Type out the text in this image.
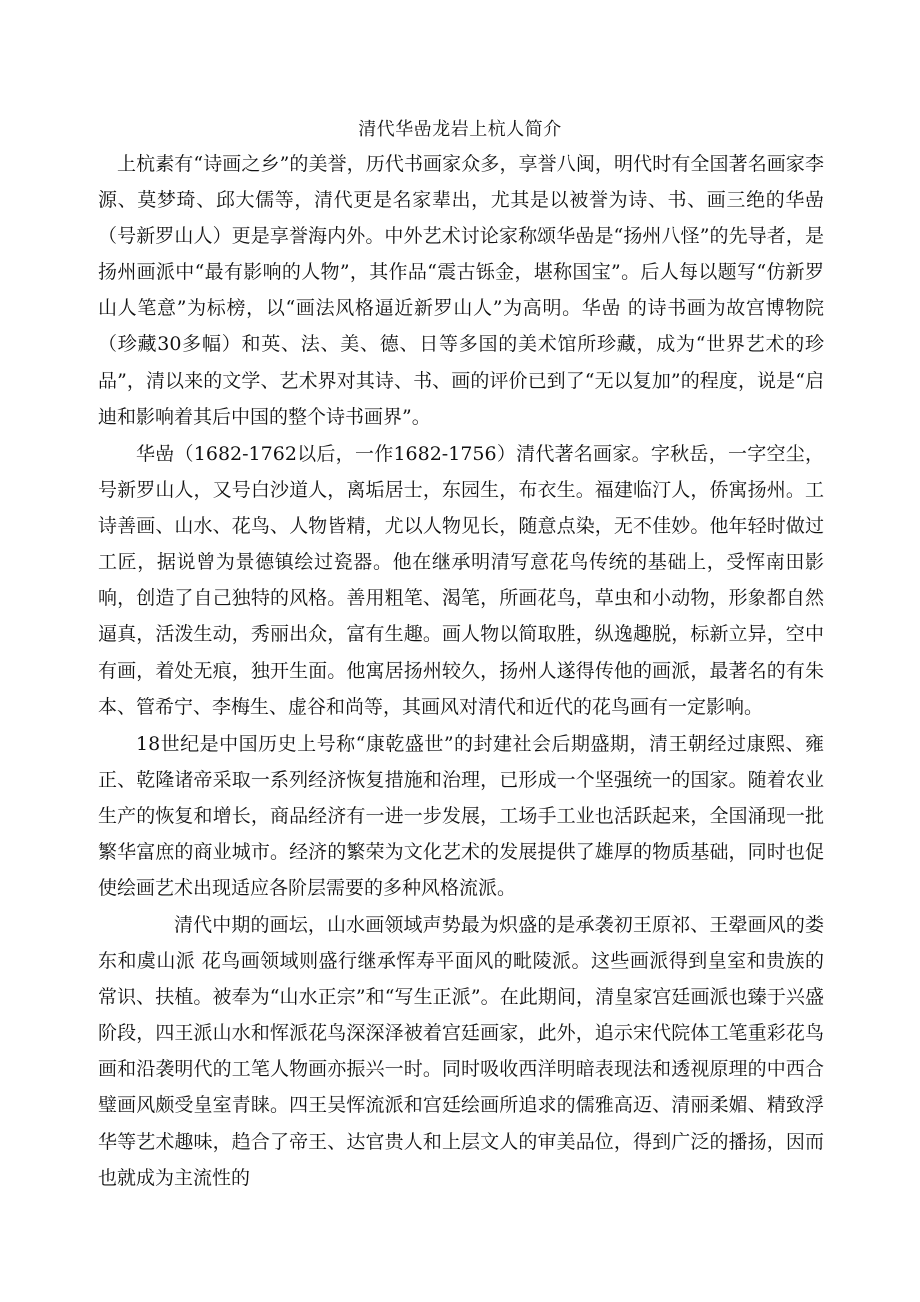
清代华嵒龙岩上杭人简介

上杭素有“诗画之乡”的美誉，历代书画家众多，享誉八闽，明代时有全国著名画家李源、莫梦琦、邱大儒等，清代更是名家辈出，尤其是以被誉为诗、书、画三绝的华嵒（号新罗山人）更是享誉海内外。中外艺术讨论家称颂华嵒是“扬州八怪”的先导者，是扬州画派中“最有影响的人物”，其作品“震古铄金，堪称国宝”。后人每以题写“仿新罗山人笔意”为标榜，以“画法风格逼近新罗山人”为高明。华嵒 的诗书画为故宫博物院（珍藏30多幅）和英、法、美、德、日等多国的美术馆所珍藏，成为“世界艺术的珍品”，清以来的文学、艺术界对其诗、书、画的评价已到了“无以复加”的程度，说是“启迪和影响着其后中国的整个诗书画界”。

华嵒（1682-1762以后，一作1682-1756）清代著名画家。字秋岳，一字空尘，号新罗山人，又号白沙道人，离垢居士，东园生，布衣生。福建临汀人，侨寓扬州。工诗善画、山水、花鸟、人物皆精，尤以人物见长，随意点染，无不佳妙。他年轻时做过工匠，据说曾为景德镇绘过瓷器。他在继承明清写意花鸟传统的基础上，受恽南田影响，创造了自己独特的风格。善用粗笔、渴笔，所画花鸟，草虫和小动物，形象都自然逼真，活泼生动，秀丽出众，富有生趣。画人物以简取胜，纵逸趣脱，标新立异，空中有画，着处无痕，独开生面。他寓居扬州较久，扬州人遂得传他的画派，最著名的有朱本、管希宁、李梅生、虚谷和尚等，其画风对清代和近代的花鸟画有一定影响。

18世纪是中国历史上号称“康乾盛世”的封建社会后期盛期，清王朝经过康熙、雍正、乾隆诸帝采取一系列经济恢复措施和治理，已形成一个坚强统一的国家。随着农业生产的恢复和增长，商品经济有一进一步发展，工场手工业也活跃起来，全国涌现一批繁华富庶的商业城市。经济的繁荣为文化艺术的发展提供了雄厚的物质基础，同时也促使绘画艺术出现适应各阶层需要的多种风格流派。

清代中期的画坛，山水画领域声势最为炽盛的是承袭初王原祁、王翚画风的娄东和虞山派 花鸟画领域则盛行继承恽寿平面风的毗陵派。这些画派得到皇室和贵族的常识、扶植。被奉为“山水正宗”和“写生正派”。在此期间，清皇家宫廷画派也臻于兴盛阶段，四王派山水和恽派花鸟深深泽被着宫廷画家，此外，追示宋代院体工笔重彩花鸟画和沿袭明代的工笔人物画亦振兴一时。同时吸收西洋明暗表现法和透视原理的中西合璧画风颇受皇室青睐。四王吴恽流派和宫廷绘画所追求的儒雅高迈、清丽柔媚、精致浮华等艺术趣味，趋合了帝王、达官贵人和上层文人的审美品位，得到广泛的播扬，因而也就成为主流性的
